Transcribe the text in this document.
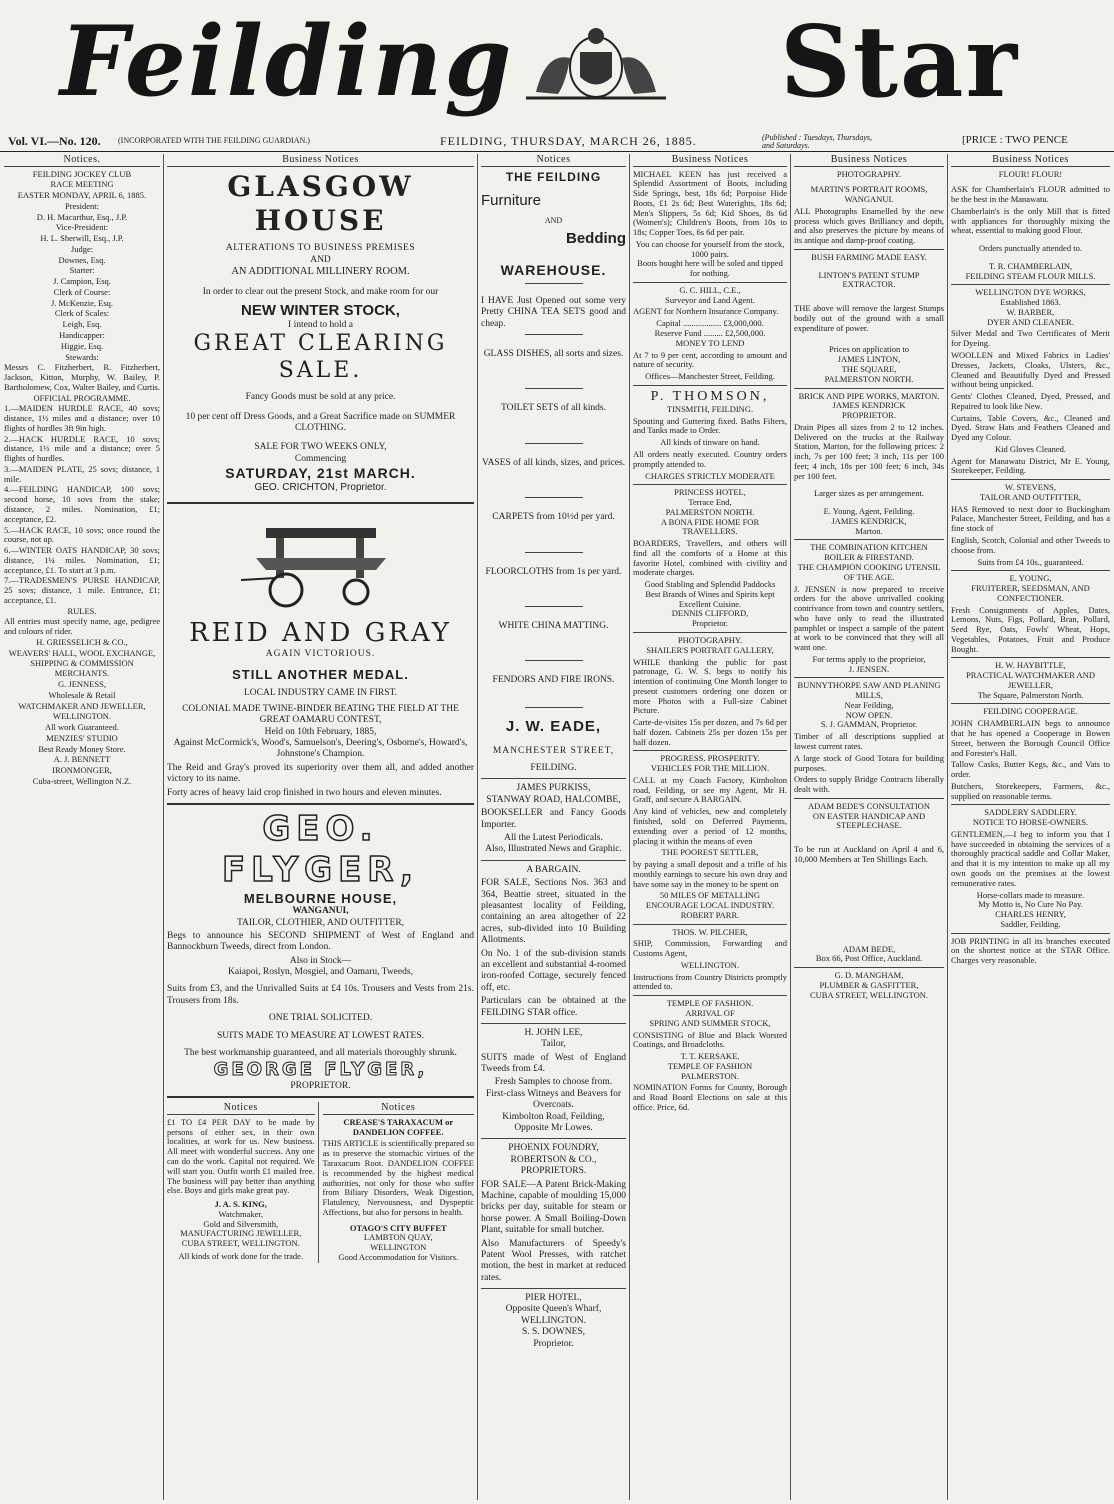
Feilding	Star
Vol. VI.—No. 120. (INCORPORATED WITH THE FEILDING GUARDIAN.)	FEILDING, THURSDAY, MARCH 26, 1885.	(Published : Tuesdays, Thursdays, and Saturdays.	[PRICE : TWO PENCE
Notices.
FEILDING JOCKEY CLUB
RACE MEETING
EASTER MONDAY, APRIL 6, 1885.
President:
D. H. Macarthur, Esq., J.P.
Vice-President:
H. L. Sherwill, Esq., J.P.
Judge:
Downes, Esq.
Starter:
J. Campion, Esq.
Clerk of Course:
J. McKenzie, Esq.
Clerk of Scales:
Leigh, Esq.
Handicapper:
Higgie, Esq.
Stewards:
Messrs C. Fitzherbert, R. Fitzherbert, Jackson, Kitton, Murphy, W. Bailey, P. Bartholomew, Cox, Walter Bailey, and Curtis.
OFFICIAL PROGRAMME.
1.—MAIDEN HURDLE RACE, 40 sovs; distance, 1½ miles and a distance; over 10 flights of hurdles 3ft 9in high.
2.—HACK HURDLE RACE, 10 sovs; distance, 1½ mile and a distance; over 5 flights of hurdles.
3.—MAIDEN PLATE, 25 sovs; distance, 1 mile.
4.—FEILDING HANDICAP, 100 sovs; second horse, 10 sovs from the stake; distance, 2 miles. Nomination, £1; acceptance, £2.
5.—HACK RACE, 10 sovs; once round the course, not up.
6.—WINTER OATS HANDICAP, 30 sovs; distance, 1¼ miles. Nomination, £1; acceptance, £1. To start at 3 p.m.
7.—TRADESMEN'S PURSE HANDICAP, 25 sovs; distance, 1 mile. Entrance, £1; acceptance, £1.
RULES.
All entries must specify name, age, pedigree and colours of rider.
H. GRIESSELICH & CO.,
WEAVERS' HALL, WOOL EXCHANGE,
SHIPPING & COMMISSION MERCHANTS.
G. JENNESS,
Wholesale & Retail
WATCHMAKER AND JEWELLER,
WELLINGTON.
All work Guaranteed.
MENZIES' STUDIO
Best Ready Money Store.
A. J. BENNETT
IRONMONGER,
Cuba-street, Wellington N.Z.
Business Notices
GLASGOW HOUSE
ALTERATIONS TO BUSINESS PREMISES
AND
AN ADDITIONAL MILLINERY ROOM.
In order to clear out the present Stock, and make room for our
NEW WINTER STOCK,
I intend to hold a
GREAT CLEARING SALE.
Fancy Goods must be sold at any price.
10 per cent off Dress Goods, and a Great Sacrifice made on SUMMER CLOTHING.
SALE FOR TWO WEEKS ONLY,
Commencing
SATURDAY, 21st MARCH.
GEO. CRICHTON, Proprietor.
REID AND GRAY
AGAIN VICTORIOUS.
STILL ANOTHER MEDAL.
LOCAL INDUSTRY CAME IN FIRST.
COLONIAL MADE TWINE-BINDER BEATING THE FIELD AT THE GREAT OAMARU CONTEST,
Held on 10th February, 1885,
Against McCormick's, Wood's, Samuelson's, Deering's, Osborne's, Howard's, Johnstone's Champion.

The Reid and Gray's proved its superiority over them all, and added another victory to its name.

Forty acres of heavy laid crop finished in two hours and eleven minutes.

GEO. FLYGER,
MELBOURNE HOUSE,
WANGANUI,
TAILOR, CLOTHIER, AND OUTFITTER,

Begs to announce his SECOND SHIPMENT of West of England and Bannockburn Tweeds, direct from London.

Also in Stock—
Kaiapoi, Roslyn, Mosgiel, and Oamaru, Tweeds,

Suits from £3, and the Unrivalled Suits at £4 10s. Trousers and Vests from 21s. Trousers from 18s.

ONE TRIAL SOLICITED.
SUITS MADE TO MEASURE AT LOWEST RATES.
The best workmanship guaranteed, and all materials thoroughly shrunk.
GEORGE FLYGER,
PROPRIETOR.
Notices

£1 TO £4 PER DAY to be made by persons of either sex, in their own localities, at work for us. New business. All meet with wonderful success. Any one can do the work. Capital not required. We will start you. Outfit worth £1 mailed free. The business will pay better than anything else. Boys and girls make great pay.

J. A. S. KING,
Watchmaker,
Gold and Silversmith,
MANUFACTURING JEWELLER,
CUBA STREET, WELLINGTON.
All kinds of work done for the trade.
Notices
CREASE'S TARAXACUM or DANDELION COFFEE.

THIS ARTICLE is scientifically prepared so as to preserve the stomachic virtues of the Taraxacum Root. DANDELION COFFEE is recommended by the highest medical authorities, not only for those who suffer from Biliary Disorders, Weak Digestion, Flatulency, Nervousness, and Dyspeptic Affections, but also for persons in health.

OTAGO'S CITY BUFFET
LAMBTON QUAY,
WELLINGTON
Good Accommodation for Visitors.
Notices
THE FEILDING
Furniture
AND
Bedding
WAREHOUSE.

I HAVE Just Opened out some very Pretty CHINA TEA SETS good and cheap.

GLASS DISHES, all sorts and sizes.
TOILET SETS of all kinds.
VASES of all kinds, sizes, and prices.
CARPETS from 10½d per yard.
FLOORCLOTHS from 1s per yard.
WHITE CHINA MATTING.
FENDORS AND FIRE IRONS.
J. W. EADE,
MANCHESTER STREET,
FEILDING.
JAMES PURKISS,
STANWAY ROAD, HALCOMBE,

BOOKSELLER and Fancy Goods Importer.

All the Latest Periodicals.
Also, Illustrated News and Graphic.
A BARGAIN.

FOR SALE, Sections Nos. 363 and 364, Beattie street, situated in the pleasantest locality of Feilding, containing an area altogether of 22 acres, sub-divided into 10 Building Allotments.

On No. 1 of the sub-division stands an excellent and substantial 4-roomed iron-roofed Cottage, securely fenced off, etc.

Particulars can be obtained at the FEILDING STAR office.

H. JOHN LEE,
Tailor,

SUITS made of West of England Tweeds from £4.

Fresh Samples to choose from.
First-class Witneys and Beavers for Overcoats.
Kimbolton Road, Feilding,
Opposite Mr Lowes.
PHOENIX FOUNDRY,
ROBERTSON & CO., PROPRIETORS.

FOR SALE—A Patent Brick-Making Machine, capable of moulding 15,000 bricks per day, suitable for steam or horse power. A Small Boiling-Down Plant, suitable for small butcher.

Also Manufacturers of Speedy's Patent Wool Presses, with ratchet motion, the best in market at reduced rates.

PIER HOTEL,
Opposite Queen's Wharf,
WELLINGTON.
S. S. DOWNES,
Proprietor.
Business Notices

MICHAEL KEEN has just received a Splendid Assortment of Boots, including Side Springs, best, 18s 6d; Porpoise Hide Boots, £1 2s 6d; Best Waterights, 18s 6d; Men's Slippers, 5s 6d; Kid Shoes, 8s 6d (Women's); Children's Boots, from 10s to 18s; Copper Toes, 6s 6d per pair.

You can choose for yourself from the stock, 1000 pairs.
Boots bought here will be soled and tipped for nothing.
G. C. HILL, C.E.,
Surveyor and Land Agent.

AGENT for Northern Insurance Company.

Capital .................. £3,000,000.
Reserve Fund ......... £2,500,000.
MONEY TO LEND

At 7 to 9 per cent, according to amount and nature of security.

Offices—Manchester Street, Feilding.
P. THOMSON,
TINSMITH, FEILDING.

Spouting and Guttering fixed. Baths Filters, and Tanks made to Order.

All kinds of tinware on hand.

All orders neatly executed. Country orders promptly attended to.

CHARGES STRICTLY MODERATE
PRINCESS HOTEL,
Terrace End,
PALMERSTON NORTH.
A BONA FIDE HOME FOR TRAVELLERS.

BOARDERS, Travellers, and others will find all the comforts of a Home at this favorite Hotel, combined with civility and moderate charges.

Good Stabling and Splendid Paddocks
Best Brands of Wines and Spirits kept
Excellent Cuisine.
DENNIS CLIFFORD,
Proprietor.
PHOTOGRAPHY.
SHAILER'S PORTRAIT GALLERY,

WHILE thanking the public for past patronage, G. W. S. begs to notify his intention of continuing One Month longer to present customers ordering one dozen or more Photos with a Full-size Cabinet Picture.

Carte-de-visites 15s per dozen, and 7s 6d per half dozen. Cabinets 25s per dozen 15s per half dozen.

PROGRESS. PROSPERITY.
VEHICLES FOR THE MILLION.

CALL at my Coach Factory, Kimbolton road, Feilding, or see my Agent, Mr H. Graff, and secure A BARGAIN.

Any kind of vehicles, new and completely finished, sold on Deferred Payments, extending over a period of 12 months, placing it within the means of even

THE POOREST SETTLER,

by paying a small deposit and a trifle of his monthly earnings to secure his own dray and have some say in the money to be spent on

50 MILES OF METALLING
ENCOURAGE LOCAL INDUSTRY.
ROBERT PARR.
THOS. W. PILCHER,

SHIP, Commission, Forwarding and Customs Agent,

WELLINGTON.

Instructions from Country Districts promptly attended to.

TEMPLE OF FASHION.
ARRIVAL OF
SPRING AND SUMMER STOCK,

CONSISTING of Blue and Black Worsted Coatings, and Broadcloths.

T. T. KERSAKE,
TEMPLE OF FASHION
PALMERSTON.

NOMINATION Forms for County, Borough and Road Board Elections on sale at this office. Price, 6d.

Business Notices
PHOTOGRAPHY.
MARTIN'S PORTRAIT ROOMS,
WANGANUI.

ALL Photographs Enamelled by the new process which gives Brilliancy and depth, and also preserves the picture by means of its antique and damp-proof coating.

BUSH FARMING MADE EASY.
LINTON'S PATENT STUMP EXTRACTOR.

THE above will remove the largest Stumps bodily out of the ground with a small expenditure of power.

Prices on application to
JAMES LINTON,
THE SQUARE,
PALMERSTON NORTH.
BRICK AND PIPE WORKS, MARTON.
JAMES KENDRICK
PROPRIETOR.

Drain Pipes all sizes from 2 to 12 inches. Delivered on the trucks at the Railway Station, Marton, for the following prices: 2 inch, 7s per 100 feet; 3 inch, 11s per 100 feet; 4 inch, 18s per 100 feet; 6 inch, 34s per 100 feet.

Larger sizes as per arrangement.
E. Young, Agent, Feilding.
JAMES KENDRICK,
Marton.
THE COMBINATION KITCHEN BOILER & FIRESTAND.
THE CHAMPION COOKING UTENSIL OF THE AGE.

J. JENSEN is now prepared to receive orders for the above unrivalled cooking contrivance from town and country settlers, who have only to read the illustrated pamphlet or inspect a sample of the patent at work to be convinced that they will all want one.

For terms apply to the proprietor,
J. JENSEN.
BUNNYTHORPE SAW AND PLANING MILLS,
Near Feilding,
NOW OPEN.
S. J. GAMMAN, Proprietor.

Timber of all descriptions supplied at lowest current rates.

A large stock of Good Totara for building purposes.

Orders to supply Bridge Contracts liberally dealt with.

ADAM BEDE'S CONSULTATION
ON EASTER HANDICAP AND STEEPLECHASE.

To be run at Auckland on April 4 and 6, 10,000 Members at Ten Shillings Each.

ADAM BEDE,
Box 66, Post Office, Auckland.
G. D. MANGHAM,
PLUMBER & GASFITTER,
CUBA STREET, WELLINGTON.
Business Notices
FLOUR! FLOUR!

ASK for Chamberlain's FLOUR admitted to be the best in the Manawatu.

Chamberlain's is the only Mill that is fitted with appliances for thoroughly mixing the wheat, essential to making good Flour.

Orders punctually attended to.
T. R. CHAMBERLAIN,
FEILDING STEAM FLOUR MILLS.
WELLINGTON DYE WORKS,
Established 1863.
W. BARBER,
DYER AND CLEANER.

Silver Medal and Two Certificates of Merit for Dyeing.

WOOLLEN and Mixed Fabrics in Ladies' Dresses, Jackets, Cloaks, Ulsters, &c., Cleaned and Beautifully Dyed and Pressed without being unpicked.

Gents' Clothes Cleaned, Dyed, Pressed, and Repaired to look like New.

Curtains, Table Covers, &c., Cleaned and Dyed. Straw Hats and Feathers Cleaned and Dyed any Colour.

Kid Gloves Cleaned.

Agent for Manawatu District, Mr E. Young, Storekeeper, Feilding.

W. STEVENS,
TAILOR AND OUTFITTER,

HAS Removed to next door to Buckingham Palace, Manchester Street, Feilding, and has a fine stock of

English, Scotch, Colonial and other Tweeds to choose from.

Suits from £4 10s., guaranteed.
E. YOUNG,
FRUITERER, SEEDSMAN, AND CONFECTIONER.

Fresh Consignments of Apples, Dates, Lemons, Nuts, Figs, Pollard, Bran, Pollard, Seed Rye, Oats, Fowls' Wheat, Hops, Vegetables, Potatoes, Fruit and Produce Bought.

H. W. HAYBITTLE,
PRACTICAL WATCHMAKER AND JEWELLER,
The Square, Palmerston North.
FEILDING COOPERAGE.

JOHN CHAMBERLAIN begs to announce that he has opened a Cooperage in Bowen Street, between the Borough Council Office and Forester's Hall.

Tallow Casks, Butter Kegs, &c., and Vats to order.

Butchers, Storekeepers, Farmers, &c., supplied on reasonable terms.

SADDLERY SADDLERY.
NOTICE TO HORSE-OWNERS.

GENTLEMEN,—I beg to inform you that I have succeeded in obtaining the services of a thoroughly practical saddle and Collar Maker, and that it is my intention to make up all my own goods on the premises at the lowest remunerative rates.

Horse-collars made to measure.
My Motto is, No Cure No Pay.
CHARLES HENRY,
Saddler, Feilding.

JOB PRINTING in all its branches executed on the shortest notice at the STAR Office. Charges very reasonable.
